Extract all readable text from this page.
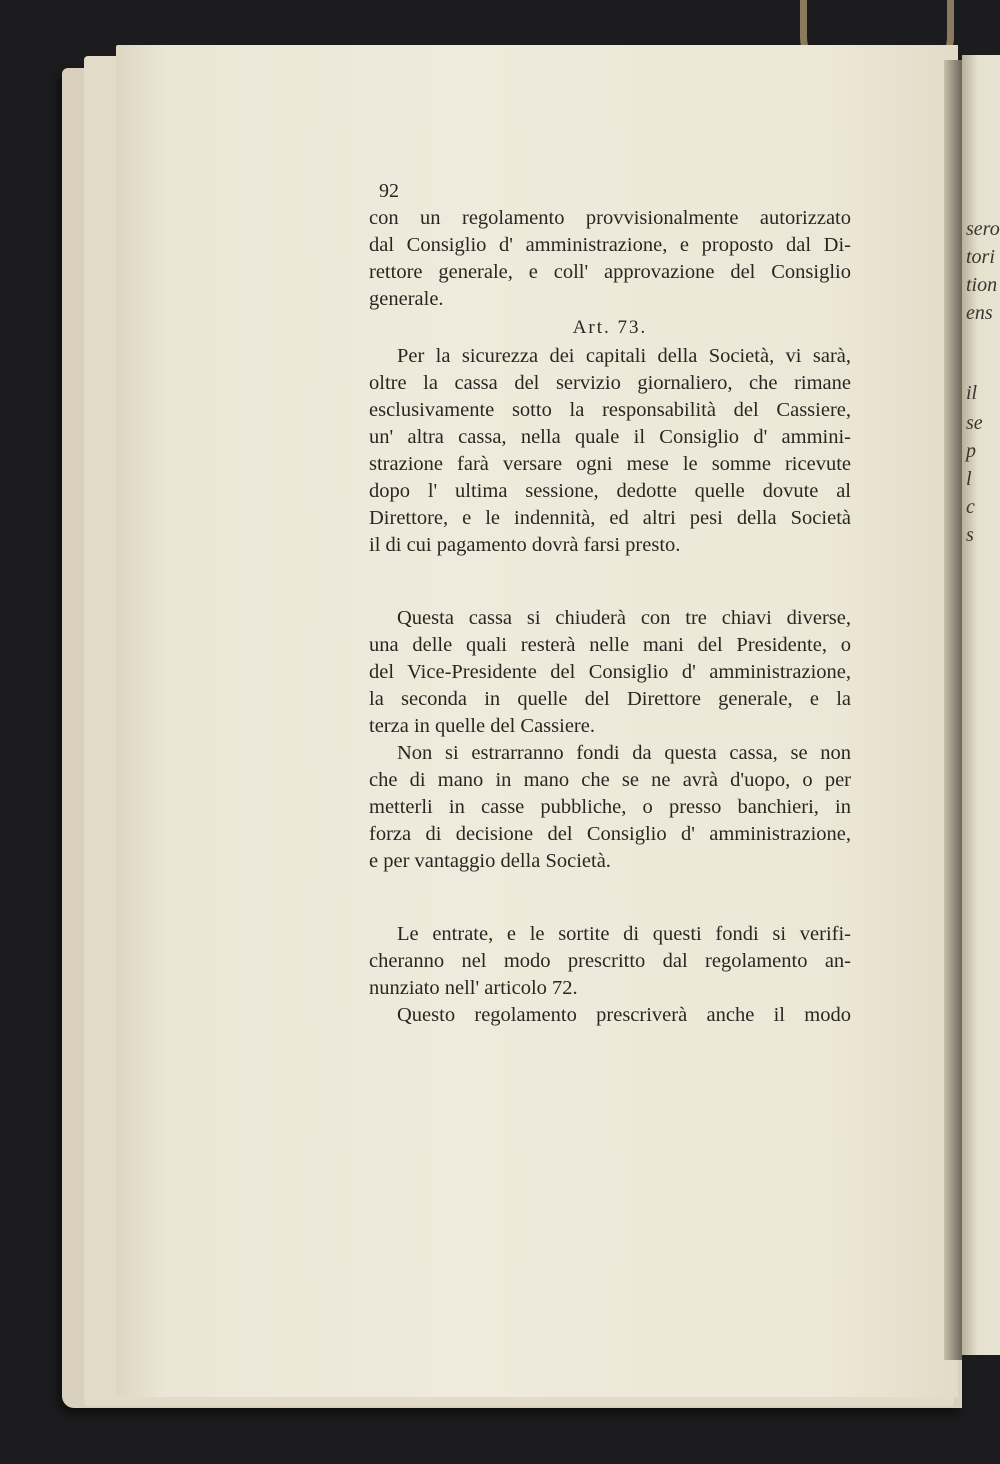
sero
tori
tion
ens
il
se
p
l
c
s
92
con un regolamento provvisionalmente autorizzato
dal Consiglio d' amministrazione, e proposto dal Di-
rettore generale, e coll' approvazione del Consiglio
generale.
Art. 73.
Per la sicurezza dei capitali della Società, vi sarà,
oltre la cassa del servizio giornaliero, che rimane
esclusivamente sotto la responsabilità del Cassiere,
un' altra cassa, nella quale il Consiglio d' ammini-
strazione farà versare ogni mese le somme ricevute
dopo l' ultima sessione, dedotte quelle dovute al
Direttore, e le indennità, ed altri pesi della Società
il di cui pagamento dovrà farsi presto.
Questa cassa si chiuderà con tre chiavi diverse,
una delle quali resterà nelle mani del Presidente, o
del Vice-Presidente del Consiglio d' amministrazione,
la seconda in quelle del Direttore generale, e la
terza in quelle del Cassiere.
Non si estrarranno fondi da questa cassa, se non
che di mano in mano che se ne avrà d'uopo, o per
metterli in casse pubbliche, o presso banchieri, in
forza di decisione del Consiglio d' amministrazione,
e per vantaggio della Società.
Le entrate, e le sortite di questi fondi si verifi-
cheranno nel modo prescritto dal regolamento an-
nunziato nell' articolo 72.
Questo regolamento prescriverà anche il modo
